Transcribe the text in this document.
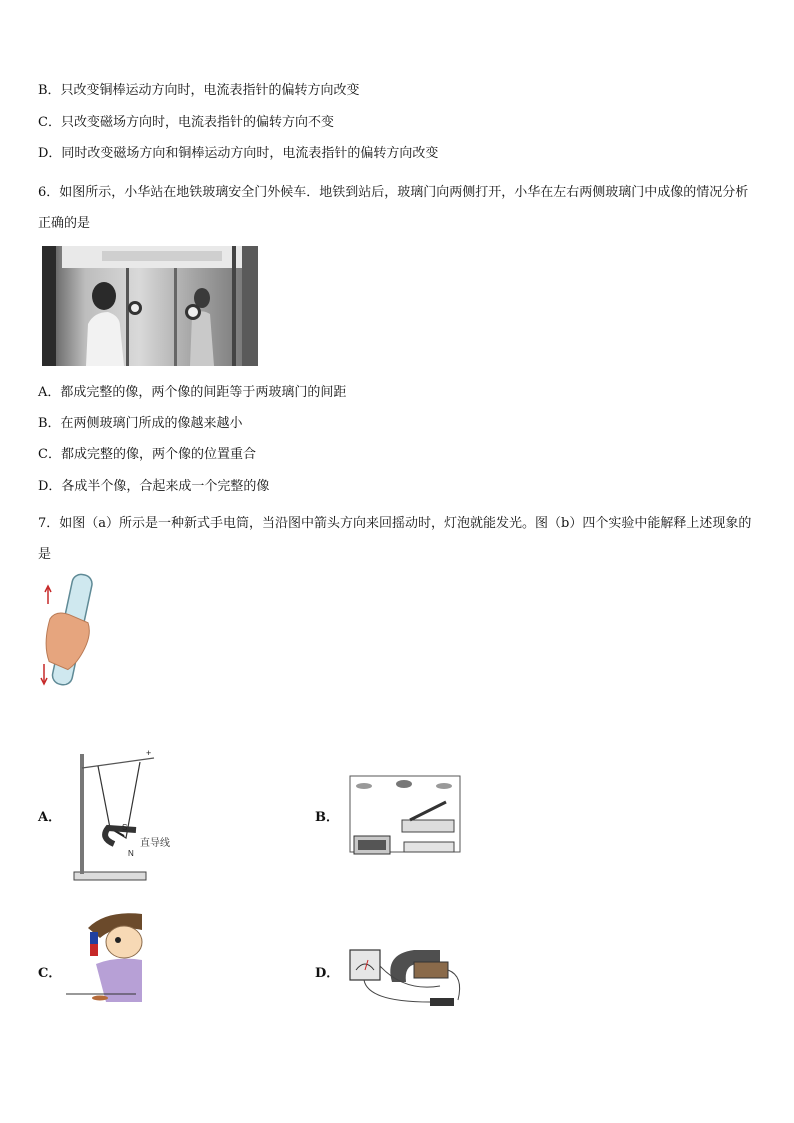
B．只改变铜棒运动方向时，电流表指针的偏转方向改变
C．只改变磁场方向时，电流表指针的偏转方向不变
D．同时改变磁场方向和铜棒运动方向时，电流表指针的偏转方向改变
6．如图所示，小华站在地铁玻璃安全门外候车．地铁到站后，玻璃门向两侧打开，小华在左右两侧玻璃门中成像的情况分析正确的是
A．都成完整的像，两个像的间距等于两玻璃门的间距
B．在两侧玻璃门所成的像越来越小
C．都成完整的像，两个像的位置重合
D．各成半个像，合起来成一个完整的像
7．如图（a）所示是一种新式手电筒，当沿图中箭头方向来回摇动时，灯泡就能发光。图（b）四个实验中能解释上述现象的是
A．
S
N
+
直导线
B．
C．	D．
